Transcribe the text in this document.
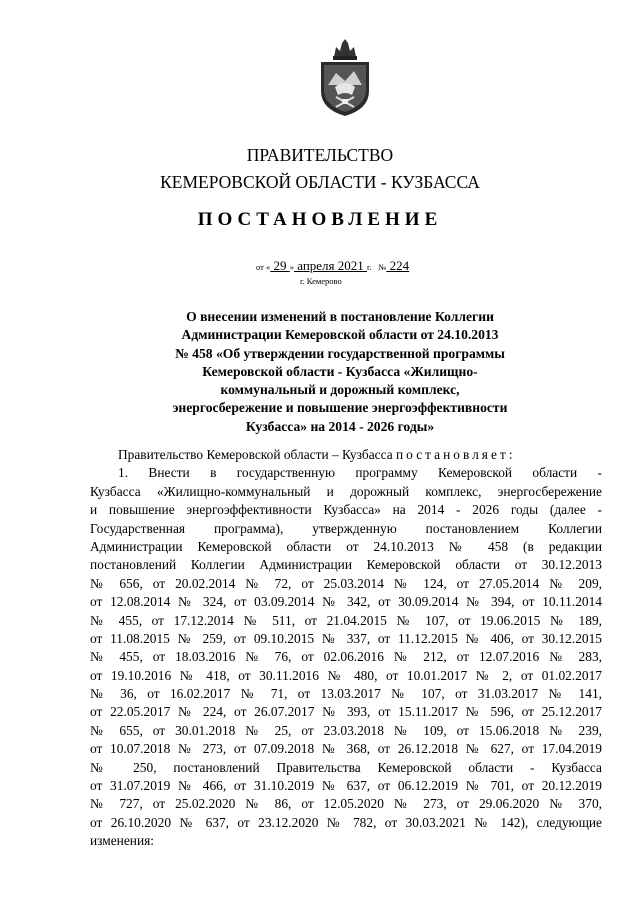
ПРАВИТЕЛЬСТВО
КЕМЕРОВСКОЙ ОБЛАСТИ - КУЗБАССА
ПОСТАНОВЛЕНИЕ
от « 29 » апреля 2021 г. № 224
г. Кемерово
О внесении изменений в постановление Коллегии
Администрации Кемеровской области от 24.10.2013
№ 458 «Об утверждении государственной программы
Кемеровской области - Кузбасса «Жилищно-
коммунальный и дорожный комплекс,
энергосбережение и повышение энергоэффективности
Кузбасса» на 2014 - 2026 годы»
Правительство Кемеровской области – Кузбасса постановляет:
1. Внести в государственную программу Кемеровской области -
Кузбасса «Жилищно-коммунальный и дорожный комплекс, энергосбережение
и повышение энергоэффективности Кузбасса» на 2014 - 2026 годы (далее -
Государственная программа), утвержденную постановлением Коллегии
Администрации Кемеровской области от 24.10.2013 № 458 (в редакции
постановлений Коллегии Администрации Кемеровской области от 30.12.2013
№ 656, от 20.02.2014 № 72, от 25.03.2014 № 124, от 27.05.2014 № 209,
от 12.08.2014 № 324, от 03.09.2014 № 342, от 30.09.2014 № 394, от 10.11.2014
№ 455, от 17.12.2014 № 511, от 21.04.2015 № 107, от 19.06.2015 № 189,
от 11.08.2015 № 259, от 09.10.2015 № 337, от 11.12.2015 № 406, от 30.12.2015
№ 455, от 18.03.2016 № 76, от 02.06.2016 № 212, от 12.07.2016 № 283,
от 19.10.2016 № 418, от 30.11.2016 № 480, от 10.01.2017 № 2, от 01.02.2017
№ 36, от 16.02.2017 № 71, от 13.03.2017 № 107, от 31.03.2017 № 141,
от 22.05.2017 № 224, от 26.07.2017 № 393, от 15.11.2017 № 596, от 25.12.2017
№ 655, от 30.01.2018 № 25, от 23.03.2018 № 109, от 15.06.2018 № 239,
от 10.07.2018 № 273, от 07.09.2018 № 368, от 26.12.2018 № 627, от 17.04.2019
№ 250, постановлений Правительства Кемеровской области - Кузбасса
от 31.07.2019 № 466, от 31.10.2019 № 637, от 06.12.2019 № 701, от 20.12.2019
№ 727, от 25.02.2020 № 86, от 12.05.2020 № 273, от 29.06.2020 № 370,
от 26.10.2020 № 637, от 23.12.2020 № 782, от 30.03.2021 № 142), следующие
изменения:
